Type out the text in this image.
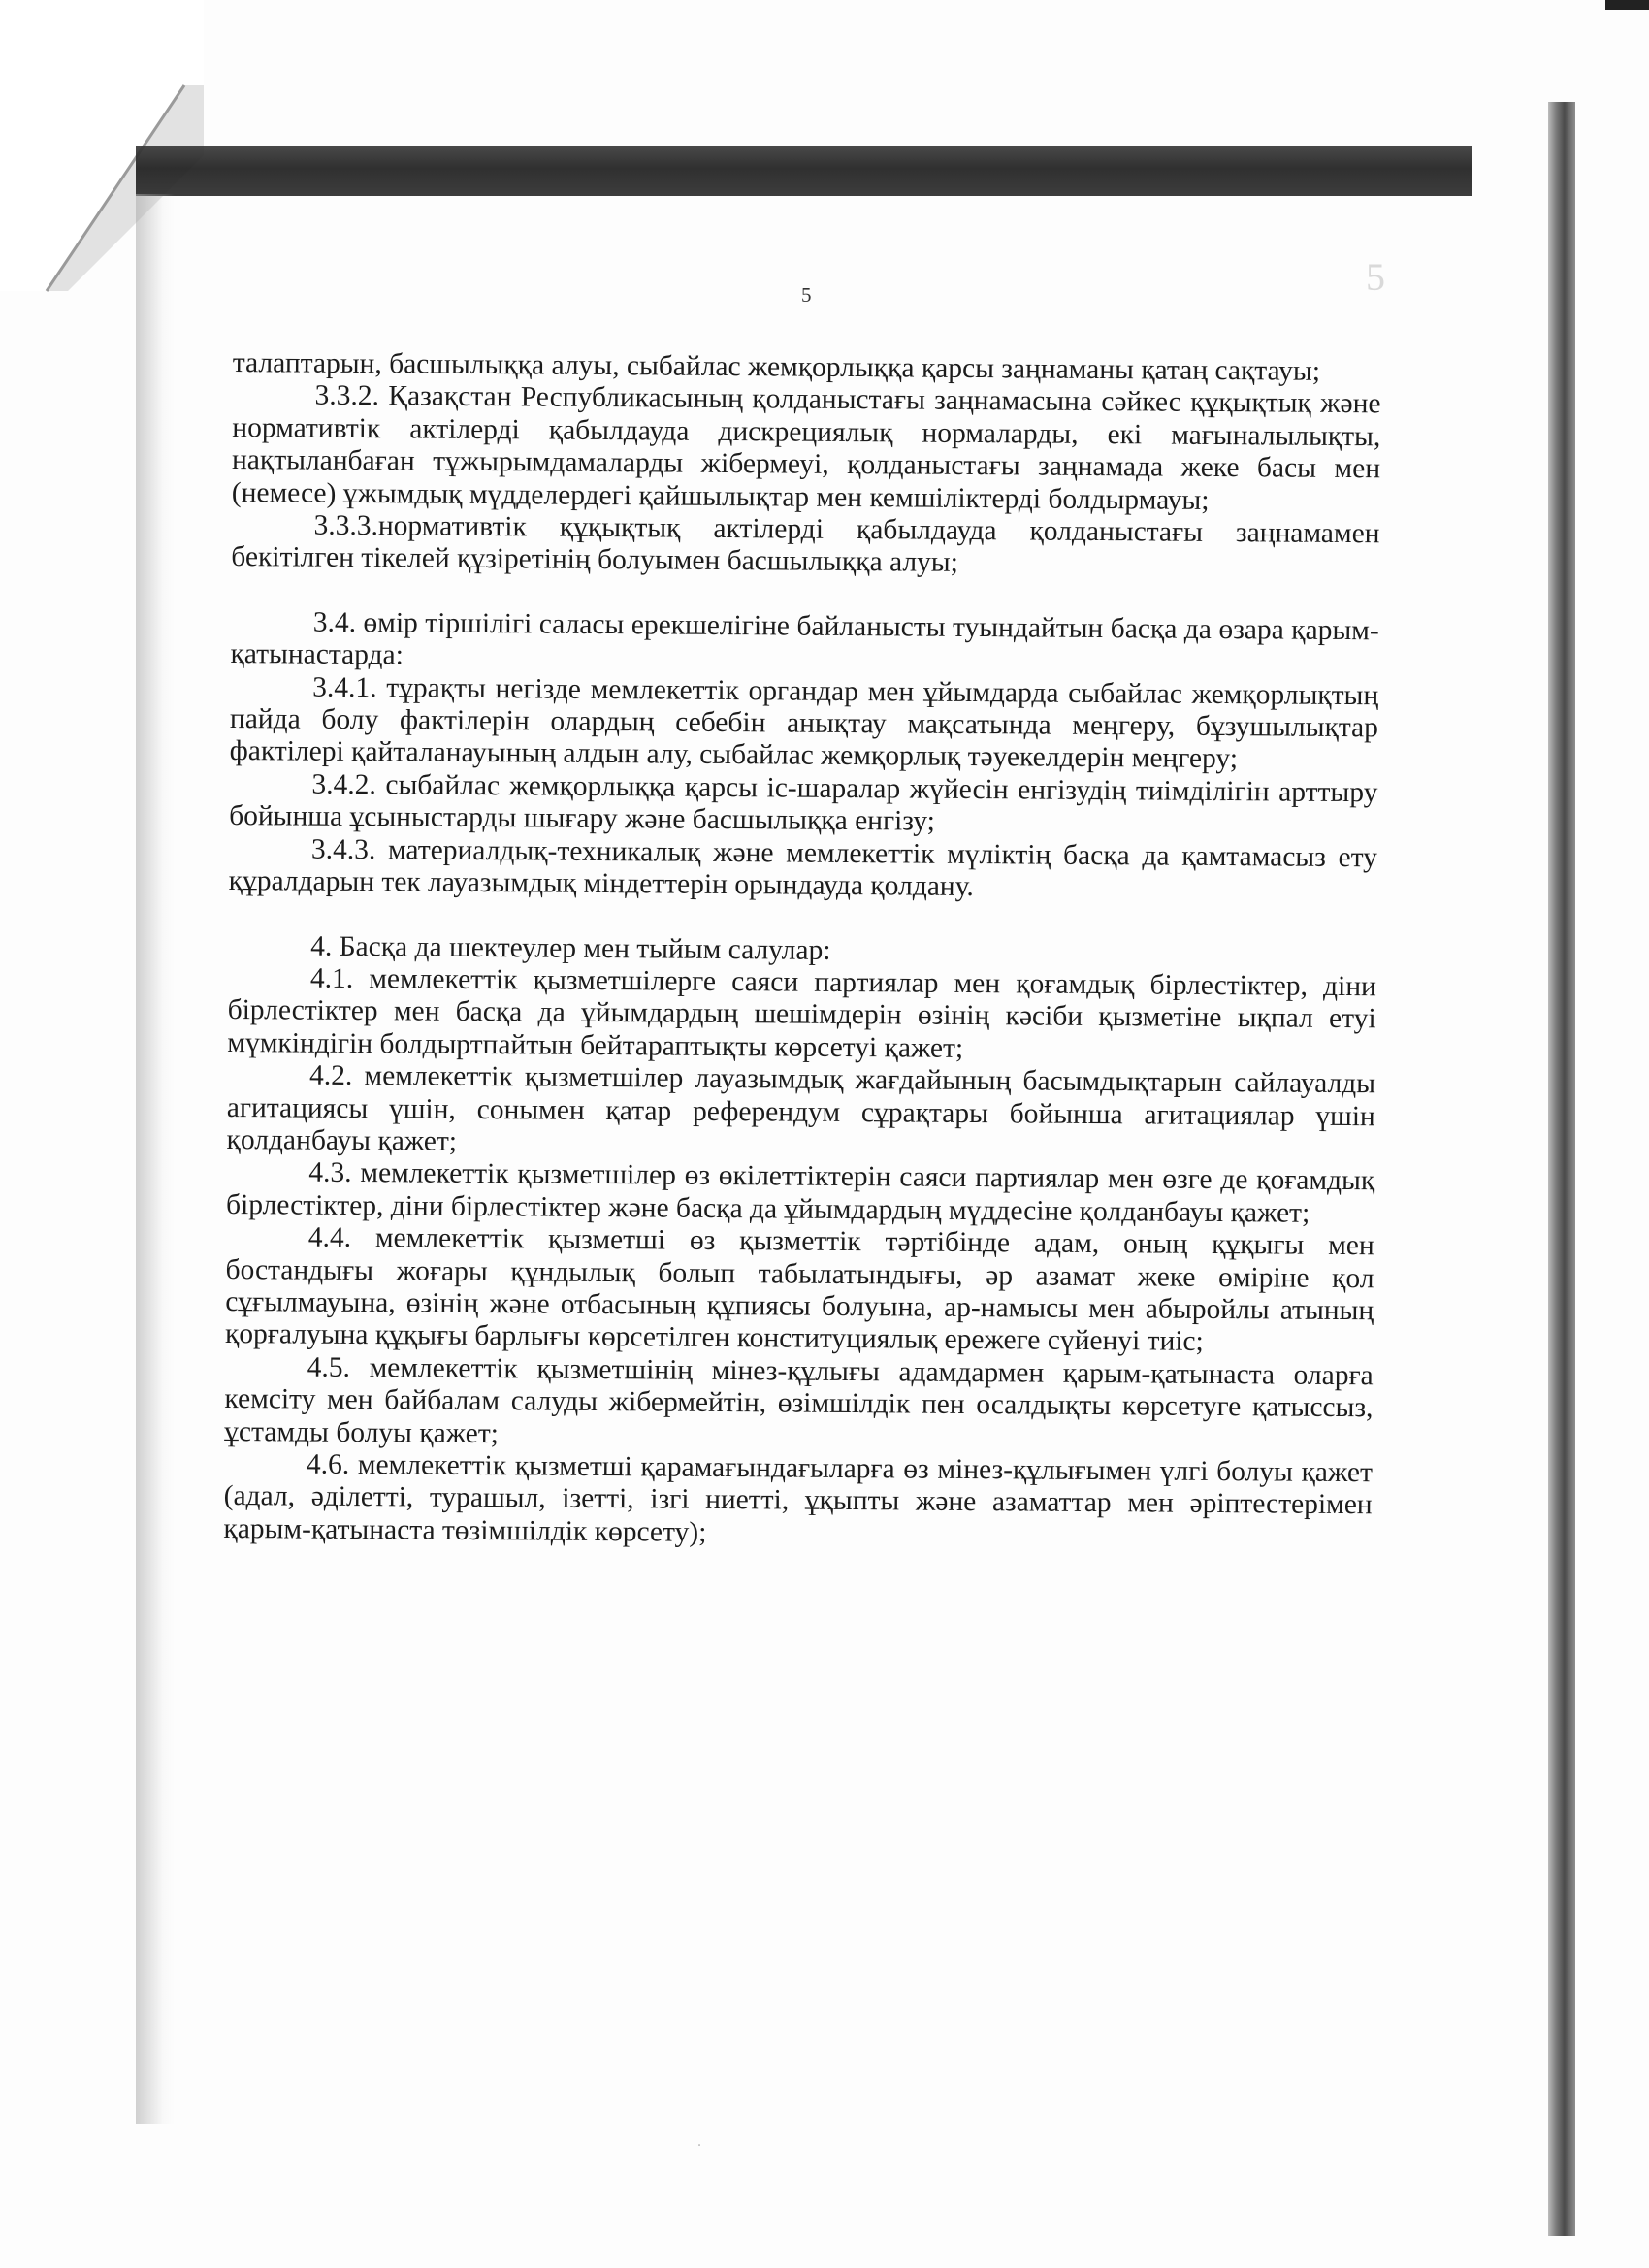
5	5

талаптарын, басшылыққа алуы, сыбайлас жемқорлыққа қарсы заңнаманы қатаң сақтауы;

3.3.2. Қазақстан Республикасының қолданыстағы заңнамасына сәйкес құқықтық және нормативтік актілерді қабылдауда дискрециялық нормаларды, екі мағыналылықты, нақтыланбаған тұжырымдамаларды жібермеуі, қолданыстағы заңнамада жеке басы мен (немесе) ұжымдық мүдделердегі қайшылықтар мен кемшіліктерді болдырмауы;

3.3.3.нормативтік құқықтық актілерді қабылдауда қолданыстағы заңнамамен бекітілген тікелей құзіретінің болуымен басшылыққа алуы;

3.4. өмір тіршілігі саласы ерекшелігіне байланысты туындайтын басқа да өзара қарым-қатынастарда:

3.4.1. тұрақты негізде мемлекеттік органдар мен ұйымдарда сыбайлас жемқорлықтың пайда болу фактілерін олардың себебін анықтау мақсатында меңгеру, бұзушылықтар фактілері қайталанауының алдын алу, сыбайлас жемқорлық тәуекелдерін меңгеру;

3.4.2. сыбайлас жемқорлыққа қарсы іс-шаралар жүйесін енгізудің тиімділігін арттыру бойынша ұсыныстарды шығару және басшылыққа енгізу;

3.4.3. материалдық-техникалық және мемлекеттік мүліктің басқа да қамтамасыз ету құралдарын тек лауазымдық міндеттерін орындауда қолдану.

4. Басқа да шектеулер мен тыйым салулар:

4.1. мемлекеттік қызметшілерге саяси партиялар мен қоғамдық бірлестіктер, діни бірлестіктер мен басқа да ұйымдардың шешімдерін өзінің кәсіби қызметіне ықпал етуі мүмкіндігін болдыртпайтын бейтараптықты көрсетуі қажет;

4.2. мемлекеттік қызметшілер лауазымдық жағдайының басымдықтарын сайлауалды агитациясы үшін, сонымен қатар референдум сұрақтары бойынша агитациялар үшін қолданбауы қажет;

4.3. мемлекеттік қызметшілер өз өкілеттіктерін саяси партиялар мен өзге де қоғамдық бірлестіктер, діни бірлестіктер және басқа да ұйымдардың мүддесіне қолданбауы қажет;

4.4. мемлекеттік қызметші өз қызметтік тәртібінде адам, оның құқығы мен бостандығы жоғары құндылық болып табылатындығы, әр азамат жеке өміріне қол сұғылмауына, өзінің және отбасының құпиясы болуына, ар-намысы мен абыройлы атының қорғалуына құқығы барлығы көрсетілген конституциялық ережеге сүйенуі тиіс;

4.5. мемлекеттік қызметшінің мінез-құлығы адамдармен қарым-қатынаста оларға кемсіту мен байбалам салуды жібермейтін, өзімшілдік пен осалдықты көрсетуге қатыссыз, ұстамды болуы қажет;

4.6. мемлекеттік қызметші қарамағындағыларға өз мінез-құлығымен үлгі болуы қажет (адал, әділетті, турашыл, ізетті, ізгі ниетті, ұқыпты және азаматтар мен әріптестерімен қарым-қатынаста төзімшілдік көрсету);

˙
